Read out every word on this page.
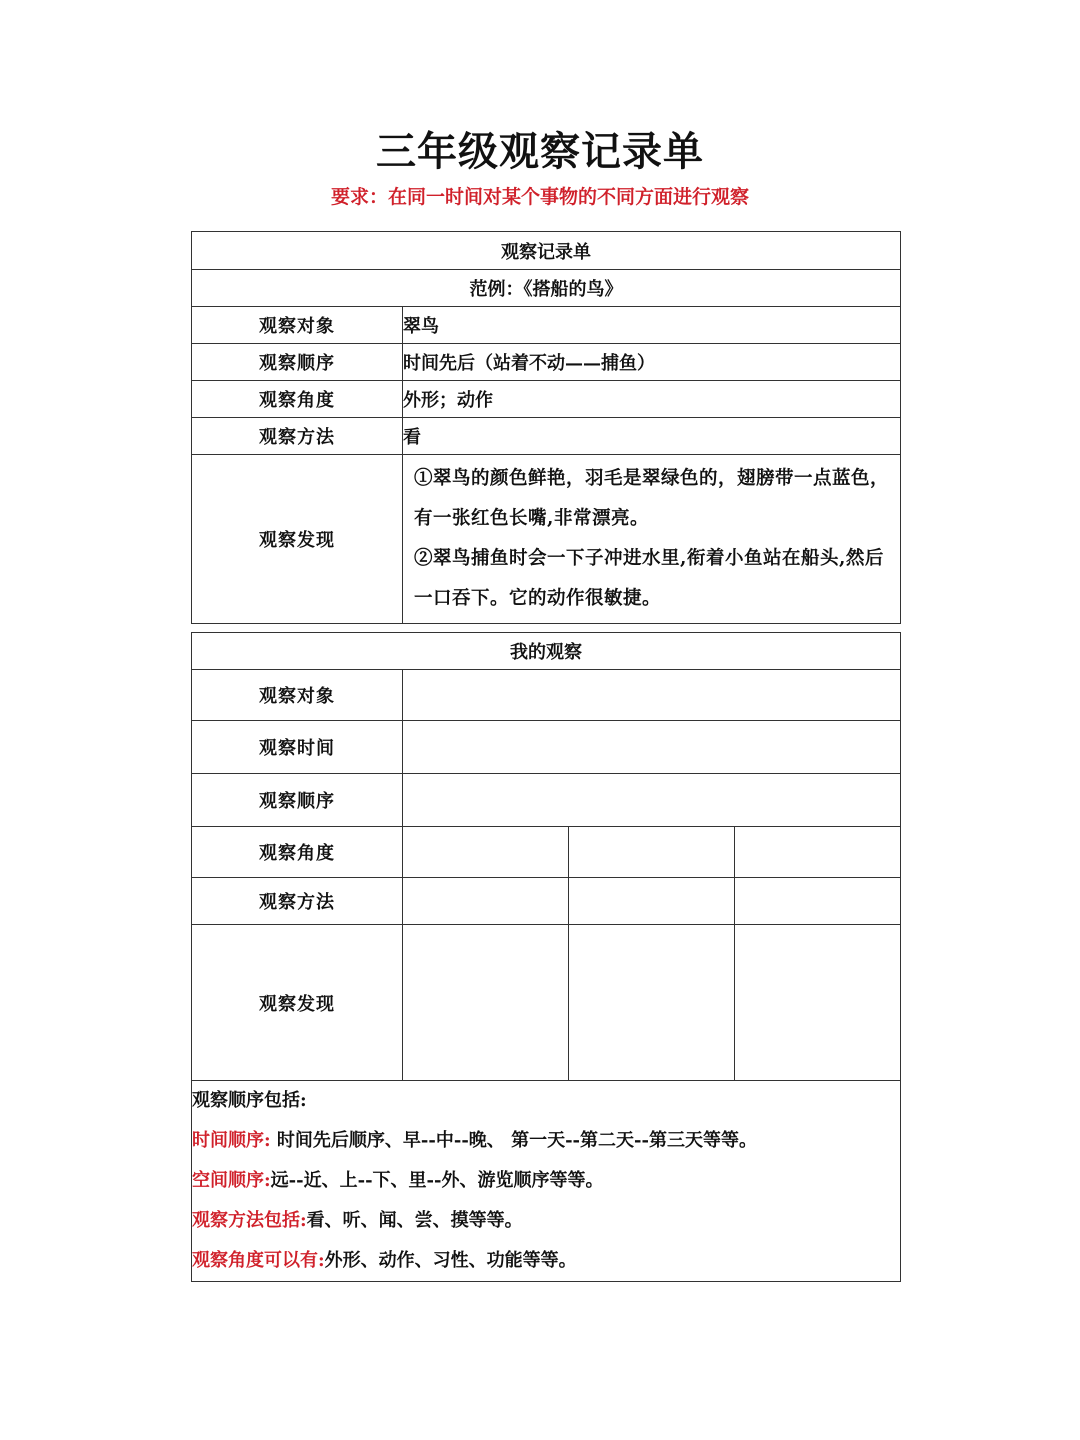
三年级观察记录单
要求：在同一时间对某个事物的不同方面进行观察
观察记录单	
范例：《搭船的鸟》	
观察对象	翠鸟
观察顺序	时间先后（站着不动——捕鱼）
观察角度	外形；动作
观察方法	看
观察发现	①翠鸟的颜色鲜艳，羽毛是翠绿色的，翅膀带一点蓝色，有一张红色长嘴,非常漂亮。

②翠鸟捕鱼时会一下子冲进水里,衔着小鱼站在船头,然后一口吞下。它的动作很敏捷。

我的观察			
观察对象			
观察时间			
观察顺序			
观察角度			
观察方法			
观察发现			

观察顺序包括:
时间顺序: 时间先后顺序、早--中--晚、 第一天--第二天--第三天等等。
空间顺序:远--近、上--下、里--外、游览顺序等等。
观察方法包括:看、听、闻、尝、摸等等。
观察角度可以有:外形、动作、习性、功能等等。			
